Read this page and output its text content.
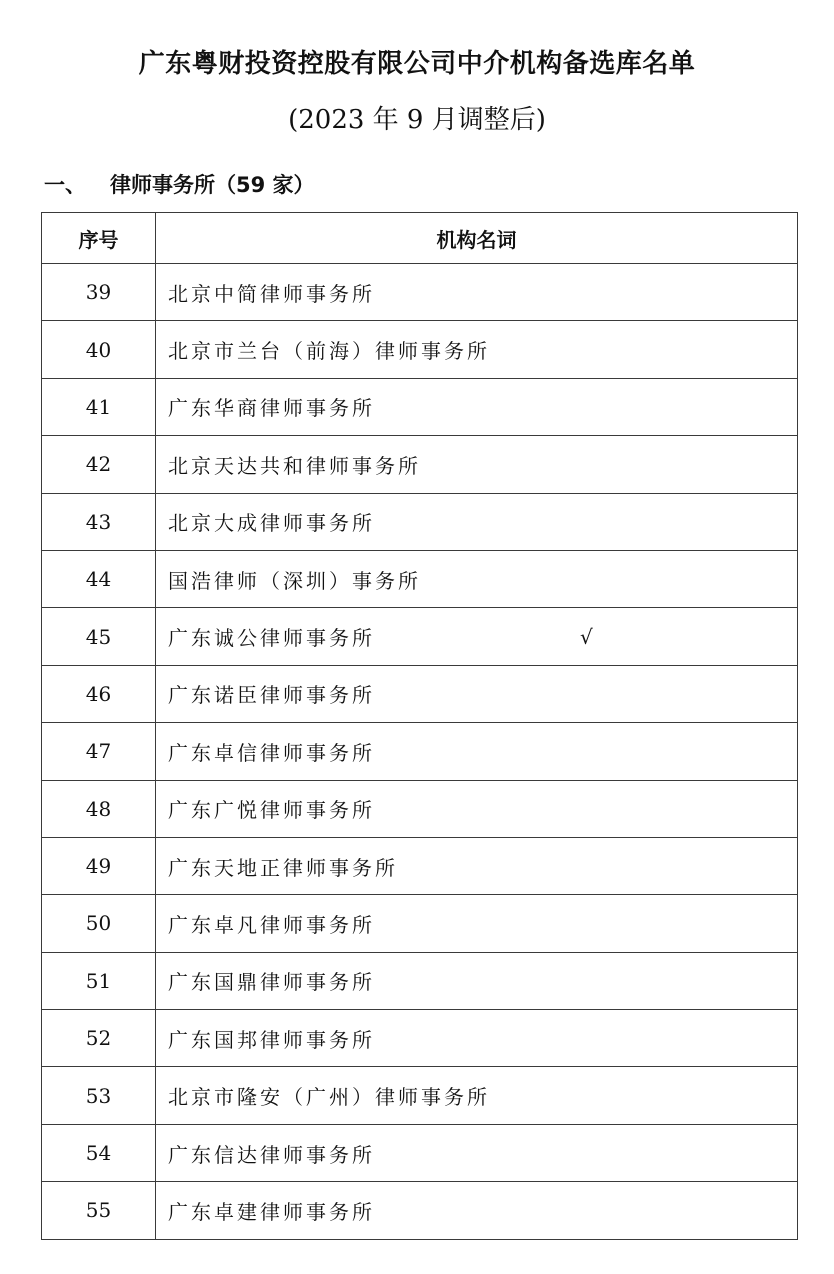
广东粤财投资控股有限公司中介机构备选库名单
(2023 年 9 月调整后)
一、 律师事务所（59 家）
序号	机构名词
39	北京中简律师事务所
40	北京市兰台（前海）律师事务所
41	广东华商律师事务所
42	北京天达共和律师事务所
43	北京大成律师事务所
44	国浩律师（深圳）事务所
45	广东诚公律师事务所 √

46	广东诺臣律师事务所
47	广东卓信律师事务所
48	广东广悦律师事务所
49	广东天地正律师事务所
50	广东卓凡律师事务所
51	广东国鼎律师事务所
52	广东国邦律师事务所
53	北京市隆安（广州）律师事务所
54	广东信达律师事务所
55	广东卓建律师事务所
